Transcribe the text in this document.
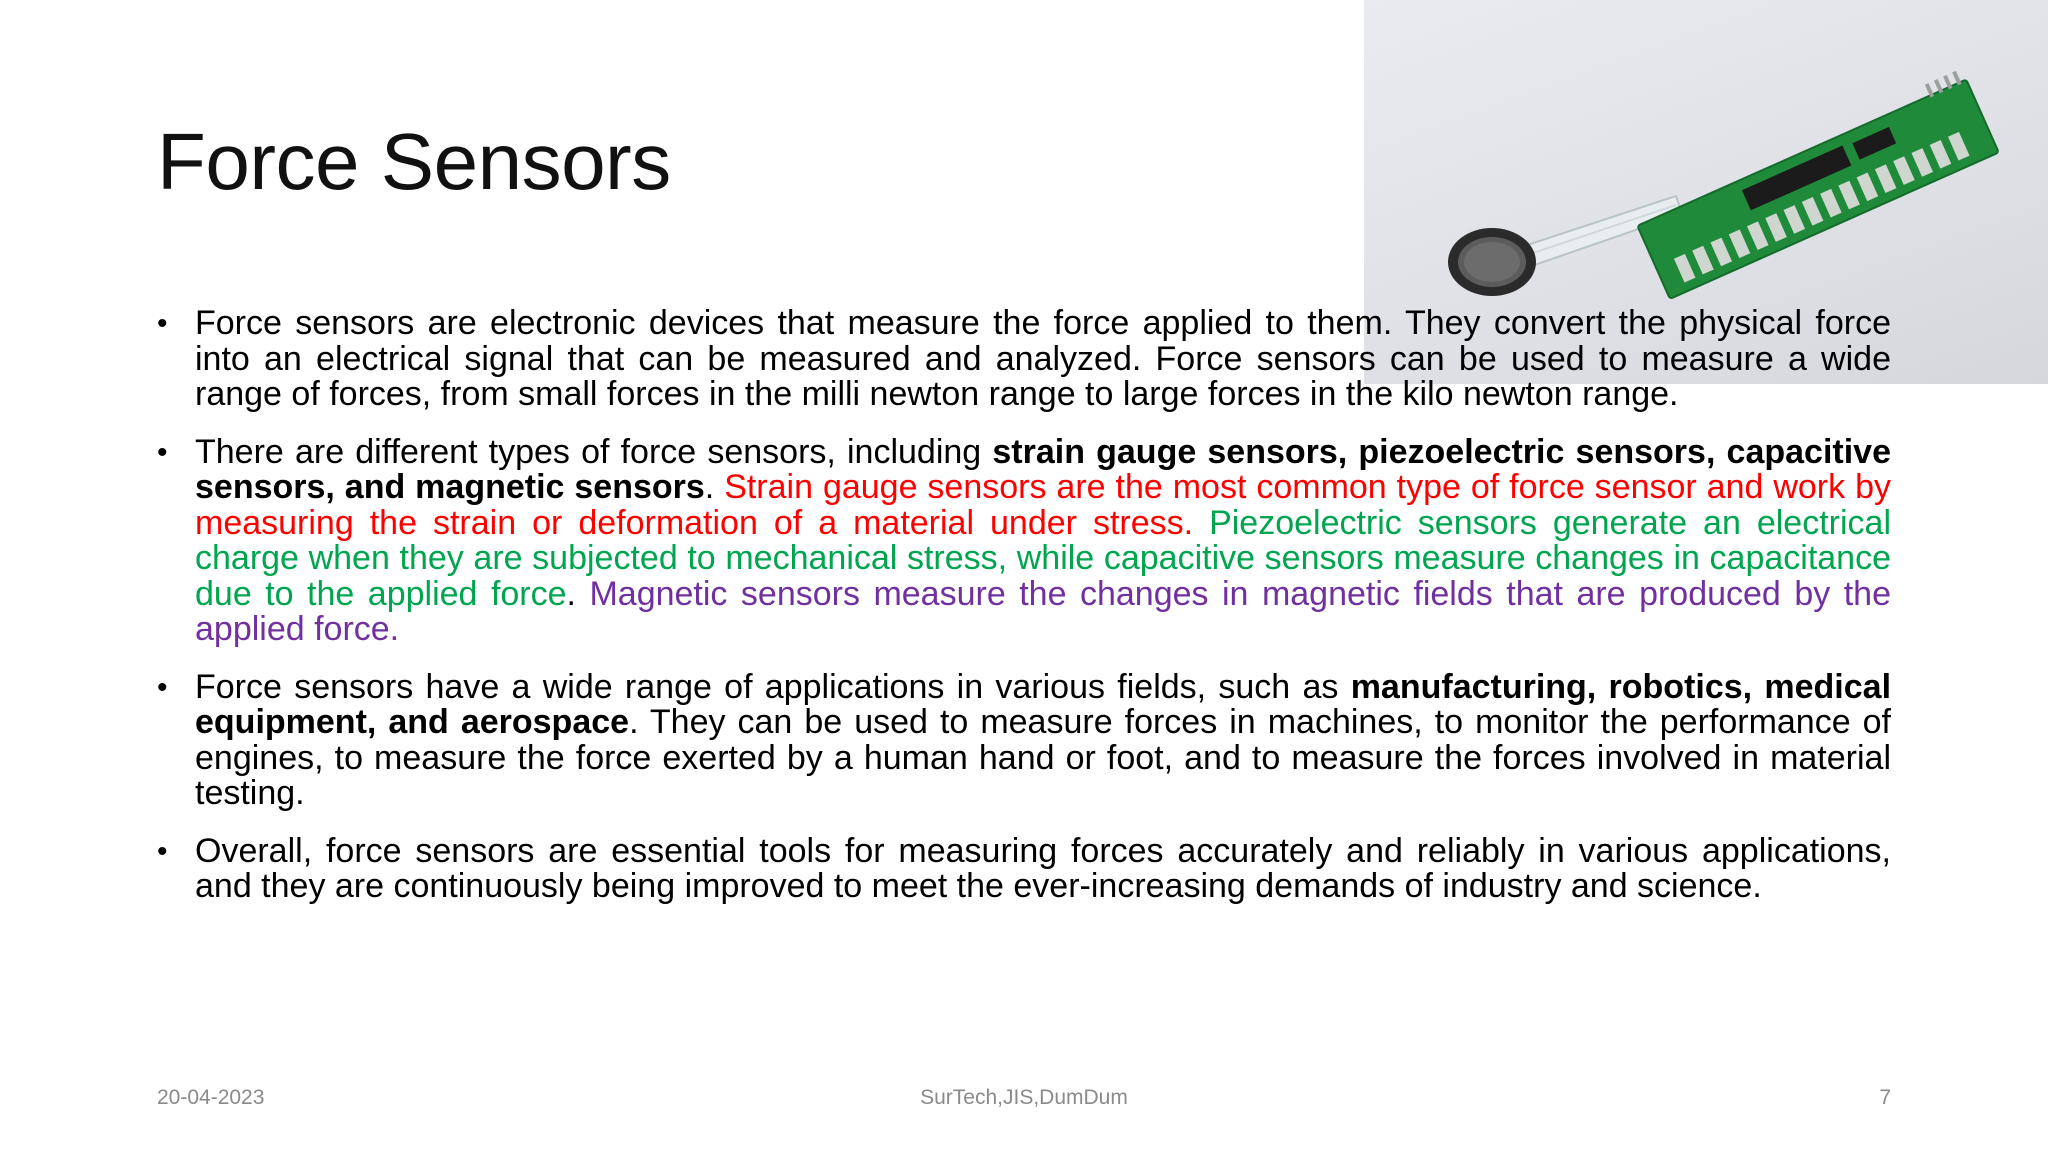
Force Sensors

• Force sensors are electronic devices that measure the force applied to them. They convert the physical force into an electrical signal that can be measured and analyzed. Force sensors can be used to measure a wide range of forces, from small forces in the milli newton range to large forces in the kilo newton range.

• There are different types of force sensors, including strain gauge sensors, piezoelectric sensors, capacitive sensors, and magnetic sensors. Strain gauge sensors are the most common type of force sensor and work by measuring the strain or deformation of a material under stress. Piezoelectric sensors generate an electrical charge when they are subjected to mechanical stress, while capacitive sensors measure changes in capacitance due to the applied force. Magnetic sensors measure the changes in magnetic fields that are produced by the applied force.

• Force sensors have a wide range of applications in various fields, such as manufacturing, robotics, medical equipment, and aerospace. They can be used to measure forces in machines, to monitor the performance of engines, to measure the force exerted by a human hand or foot, and to measure the forces involved in material testing.

• Overall, force sensors are essential tools for measuring forces accurately and reliably in various applications, and they are continuously being improved to meet the ever-increasing demands of industry and science.

20-04-2023	SurTech,JIS,DumDum	7
